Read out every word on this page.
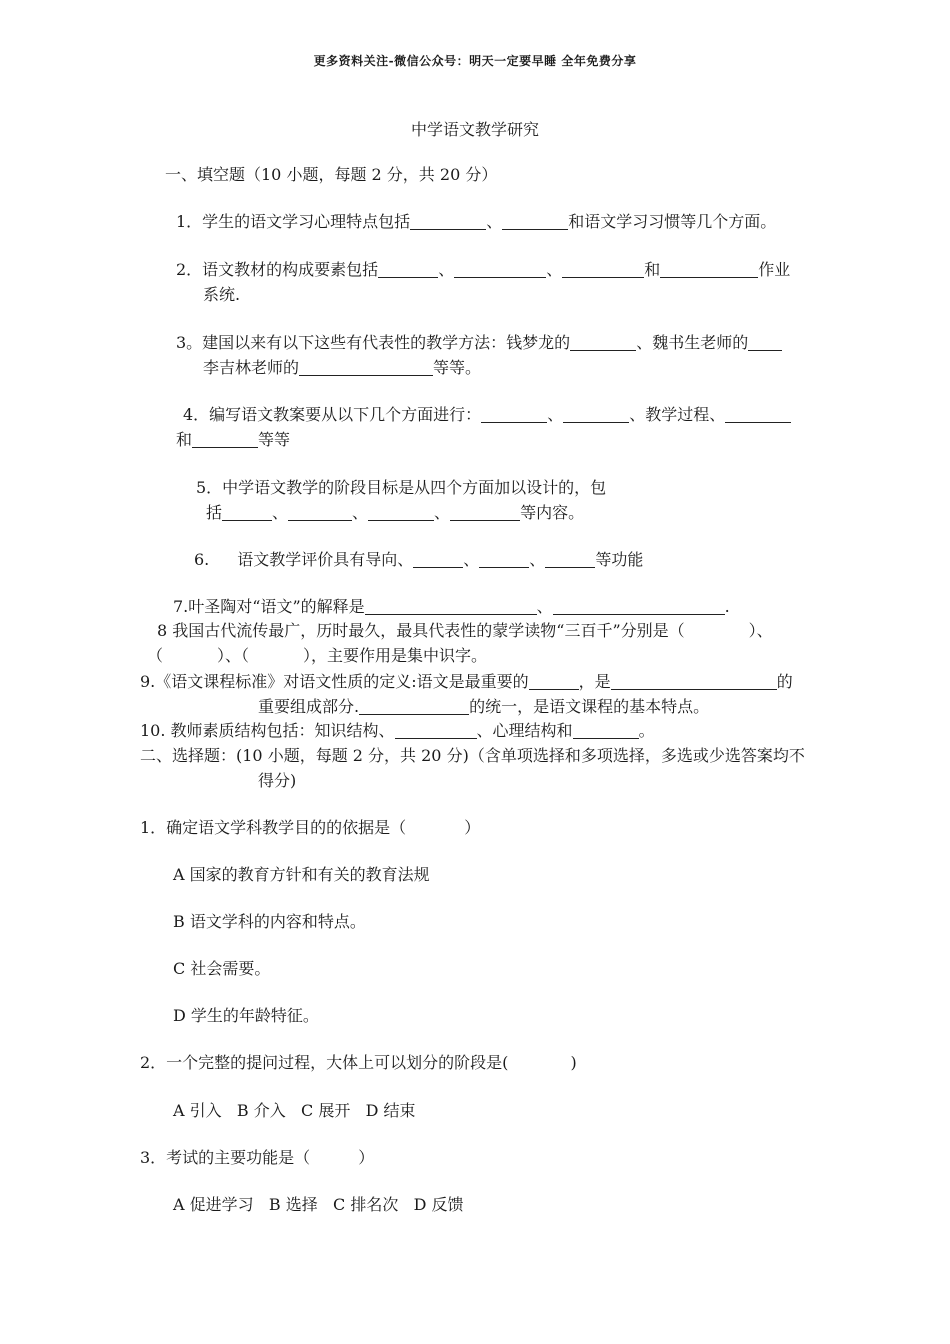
更多资料关注-微信公众号：明天一定要早睡 全年免费分享
中学语文教学研究
一、填空题（10 小题，每题 2 分，共 20 分）
1．学生的语文学习心理特点包括	、	和语文学习习惯等几个方面。
2．语文教材的构成要素包括	、	、	和	作业
系统.
3。建国以来有以下这些有代表性的教学方法：钱梦龙的	、魏书生老师的
李吉林老师的	等等。
4．编写语文教案要从以下几个方面进行：	、	、教学过程、
和	等等
5．中学语文教学的阶段目标是从四个方面加以设计的，包
括	、	、	、	等内容。
6. 语文教学评价具有导向、	、	、	等功能
7.叶圣陶对“语文”的解释是	、	.
8 我国古代流传最广，历时最久，最具代表性的蒙学读物“三百千”分别是（	）、
（	）、（	），主要作用是集中识字。
9.《语文课程标准》对语文性质的定义:语文是最重要的	，是	的
重要组成部分.	的统一，是语文课程的基本特点。
10. 教师素质结构包括：知识结构、	、心理结构和	。
二、选择题：(10 小题，每题 2 分，共 20 分)（含单项选择和多项选择，多选或少选答案均不
得分)
1．确定语文学科教学目的的依据是（	）
A 国家的教育方针和有关的教育法规
B 语文学科的内容和特点。
C 社会需要。
D 学生的年龄特征。
2．一个完整的提问过程，大体上可以划分的阶段是(	)
A 引入   B 介入   C 展开   D 结束
3．考试的主要功能是（	）
A 促进学习   B 选择   C 排名次   D 反馈
